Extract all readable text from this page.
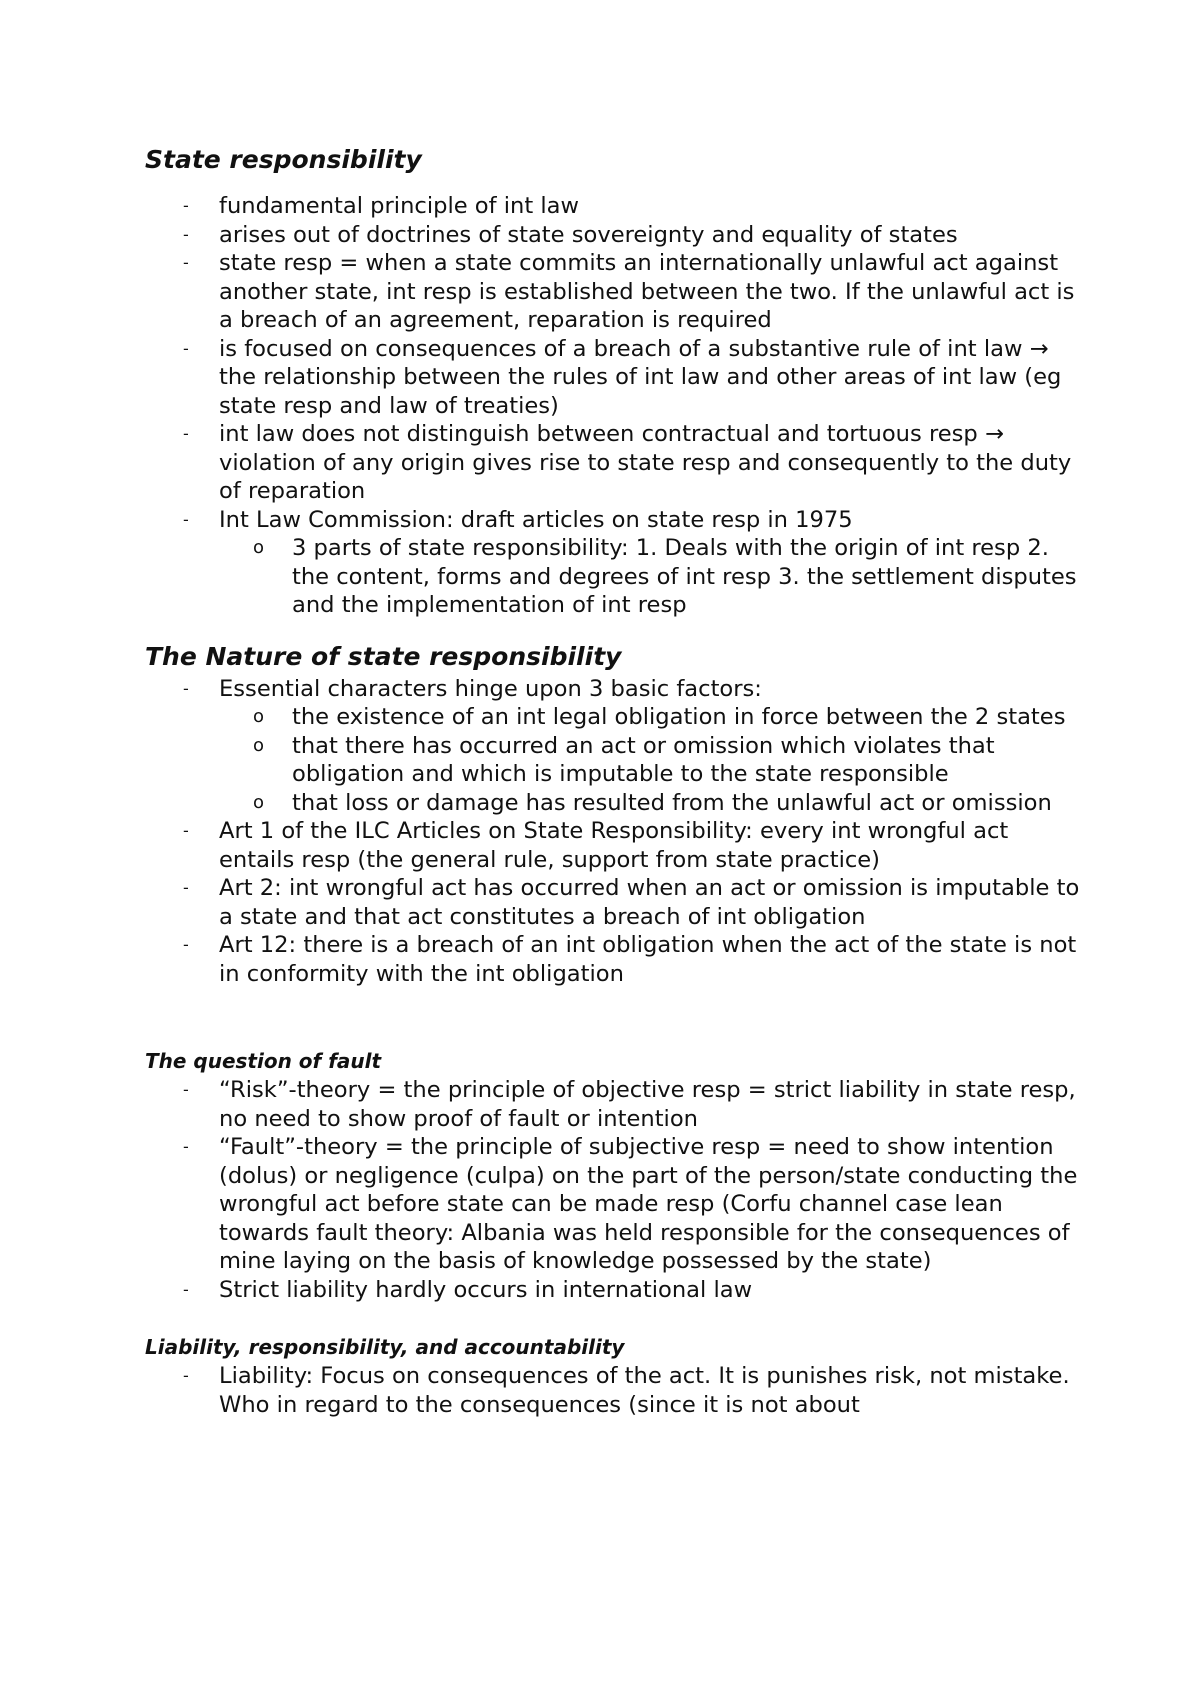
State responsibility
- fundamental principle of int law
- arises out of doctrines of state sovereignty and equality of states
- state resp = when a state commits an internationally unlawful act against another state, int resp is established between the two. If the unlawful act is a breach of an agreement, reparation is required
- is focused on consequences of a breach of a substantive rule of int law → the relationship between the rules of int law and other areas of int law (eg state resp and law of treaties)
- int law does not distinguish between contractual and tortuous resp → violation of any origin gives rise to state resp and consequently to the duty of reparation
- Int Law Commission: draft articles on state resp in 1975
o 3 parts of state responsibility: 1. Deals with the origin of int resp 2. the content, forms and degrees of int resp 3. the settlement disputes and the implementation of int resp
The Nature of state responsibility
- Essential characters hinge upon 3 basic factors:
o the existence of an int legal obligation in force between the 2 states
o that there has occurred an act or omission which violates that obligation and which is imputable to the state responsible
o that loss or damage has resulted from the unlawful act or omission
- Art 1 of the ILC Articles on State Responsibility: every int wrongful act entails resp (the general rule, support from state practice)
- Art 2: int wrongful act has occurred when an act or omission is imputable to a state and that act constitutes a breach of int obligation
- Art 12: there is a breach of an int obligation when the act of the state is not in conformity with the int obligation
The question of fault
- “Risk”-theory = the principle of objective resp = strict liability in state resp, no need to show proof of fault or intention
- “Fault”-theory = the principle of subjective resp = need to show intention (dolus) or negligence (culpa) on the part of the person/state conducting the wrongful act before state can be made resp (Corfu channel case lean towards fault theory: Albania was held responsible for the consequences of mine laying on the basis of knowledge possessed by the state)
- Strict liability hardly occurs in international law
Liability, responsibility, and accountability
- Liability: Focus on consequences of the act. It is punishes risk, not mistake. Who in regard to the consequences (since it is not about
